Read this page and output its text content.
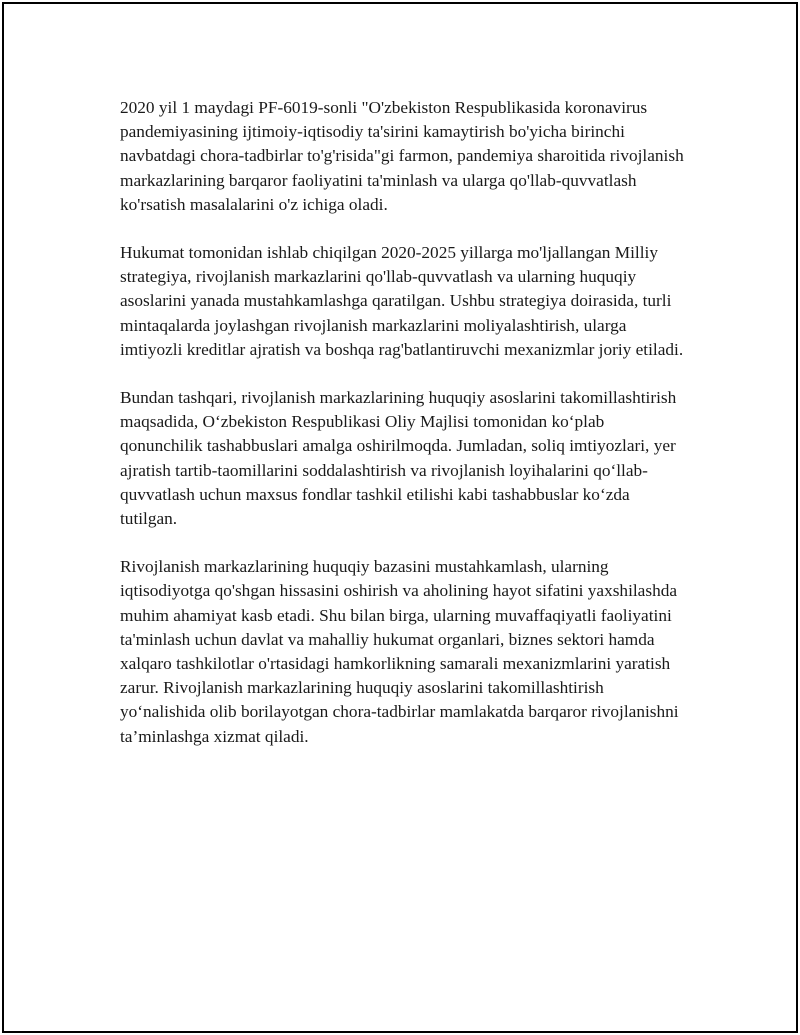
2020 yil 1 maydagi PF-6019-sonli "O'zbekiston Respublikasida koronavirus pandemiyasining ijtimoiy-iqtisodiy ta'sirini kamaytirish bo'yicha birinchi navbatdagi chora-tadbirlar to'g'risida"gi farmon, pandemiya sharoitida rivojlanish markazlarining barqaror faoliyatini ta'minlash va ularga qo'llab-quvvatlash ko'rsatish masalalarini o'z ichiga oladi.

Hukumat tomonidan ishlab chiqilgan 2020-2025 yillarga mo'ljallangan Milliy strategiya, rivojlanish markazlarini qo'llab-quvvatlash va ularning huquqiy asoslarini yanada mustahkamlashga qaratilgan. Ushbu strategiya doirasida, turli mintaqalarda joylashgan rivojlanish markazlarini moliyalashtirish, ularga imtiyozli kreditlar ajratish va boshqa rag'batlantiruvchi mexanizmlar joriy etiladi.

Bundan tashqari, rivojlanish markazlarining huquqiy asoslarini takomillashtirish maqsadida, O‘zbekiston Respublikasi Oliy Majlisi tomonidan ko‘plab qonunchilik tashabbuslari amalga oshirilmoqda. Jumladan, soliq imtiyozlari, yer ajratish tartib-taomillarini soddalashtirish va rivojlanish loyihalarini qo‘llab-quvvatlash uchun maxsus fondlar tashkil etilishi kabi tashabbuslar ko‘zda tutilgan.

Rivojlanish markazlarining huquqiy bazasini mustahkamlash, ularning iqtisodiyotga qo'shgan hissasini oshirish va aholining hayot sifatini yaxshilashda muhim ahamiyat kasb etadi. Shu bilan birga, ularning muvaffaqiyatli faoliyatini ta'minlash uchun davlat va mahalliy hukumat organlari, biznes sektori hamda xalqaro tashkilotlar o'rtasidagi hamkorlikning samarali mexanizmlarini yaratish zarur. Rivojlanish markazlarining huquqiy asoslarini takomillashtirish yo‘nalishida olib borilayotgan chora-tadbirlar mamlakatda barqaror rivojlanishni ta’minlashga xizmat qiladi.
